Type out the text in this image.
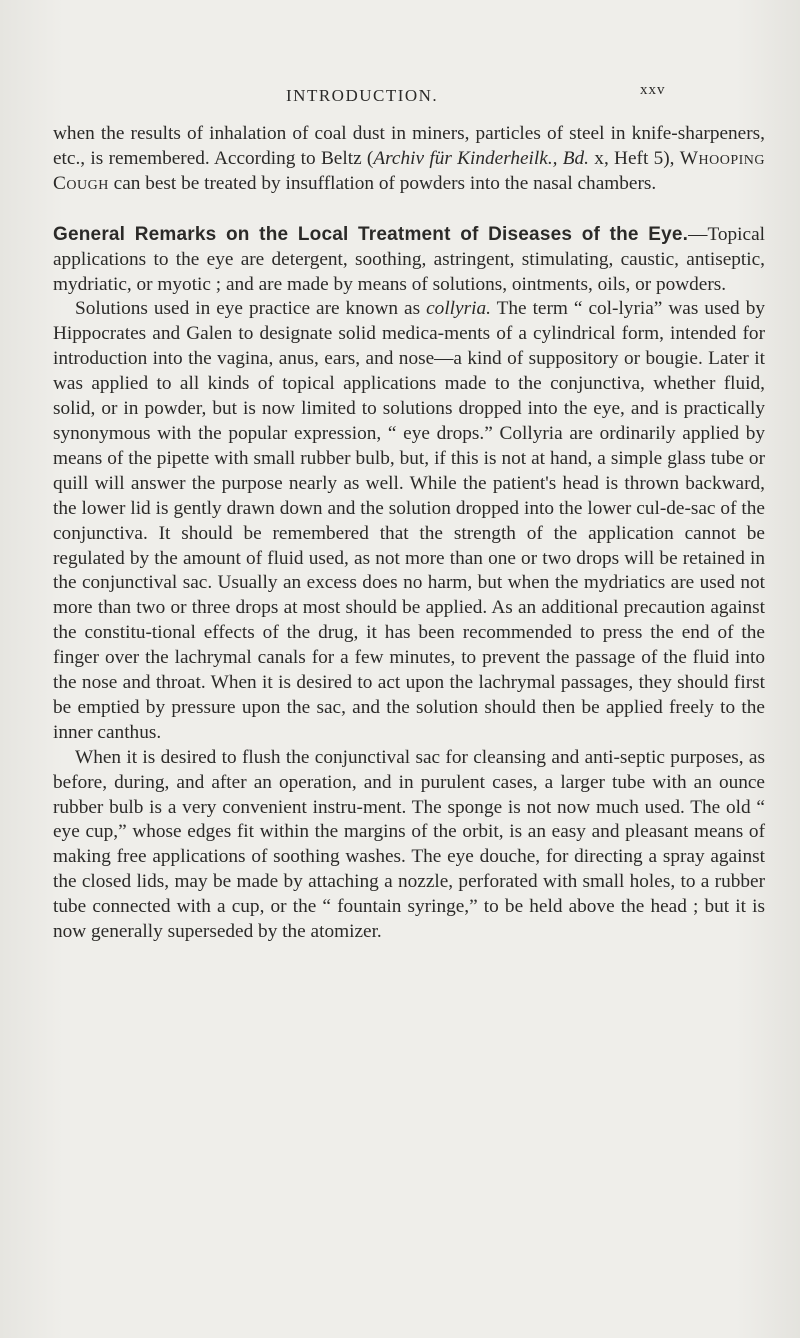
INTRODUCTION.	xxv

when the results of inhalation of coal dust in miners, particles of steel in knife-sharpeners, etc., is remembered. According to Beltz (Archiv für Kinderheilk., Bd. x, Heft 5), Whooping Cough can best be treated by insufflation of powders into the nasal chambers.

General Remarks on the Local Treatment of Diseases of the Eye.—Topical applications to the eye are detergent, soothing, astringent, stimulating, caustic, antiseptic, mydriatic, or myotic ; and are made by means of solutions, ointments, oils, or powders.

Solutions used in eye practice are known as collyria. The term “ col-lyria” was used by Hippocrates and Galen to designate solid medica-ments of a cylindrical form, intended for introduction into the vagina, anus, ears, and nose—a kind of suppository or bougie. Later it was applied to all kinds of topical applications made to the conjunctiva, whether fluid, solid, or in powder, but is now limited to solutions dropped into the eye, and is practically synonymous with the popular expression, “ eye drops.” Collyria are ordinarily applied by means of the pipette with small rubber bulb, but, if this is not at hand, a simple glass tube or quill will answer the purpose nearly as well. While the patient's head is thrown backward, the lower lid is gently drawn down and the solution dropped into the lower cul-de-sac of the conjunctiva. It should be remembered that the strength of the application cannot be regulated by the amount of fluid used, as not more than one or two drops will be retained in the conjunctival sac. Usually an excess does no harm, but when the mydriatics are used not more than two or three drops at most should be applied. As an additional precaution against the constitu-tional effects of the drug, it has been recommended to press the end of the finger over the lachrymal canals for a few minutes, to prevent the passage of the fluid into the nose and throat. When it is desired to act upon the lachrymal passages, they should first be emptied by pressure upon the sac, and the solution should then be applied freely to the inner canthus.

When it is desired to flush the conjunctival sac for cleansing and anti-septic purposes, as before, during, and after an operation, and in purulent cases, a larger tube with an ounce rubber bulb is a very convenient instru-ment. The sponge is not now much used. The old “ eye cup,” whose edges fit within the margins of the orbit, is an easy and pleasant means of making free applications of soothing washes. The eye douche, for directing a spray against the closed lids, may be made by attaching a nozzle, perforated with small holes, to a rubber tube connected with a cup, or the “ fountain syringe,” to be held above the head ; but it is now generally superseded by the atomizer.
